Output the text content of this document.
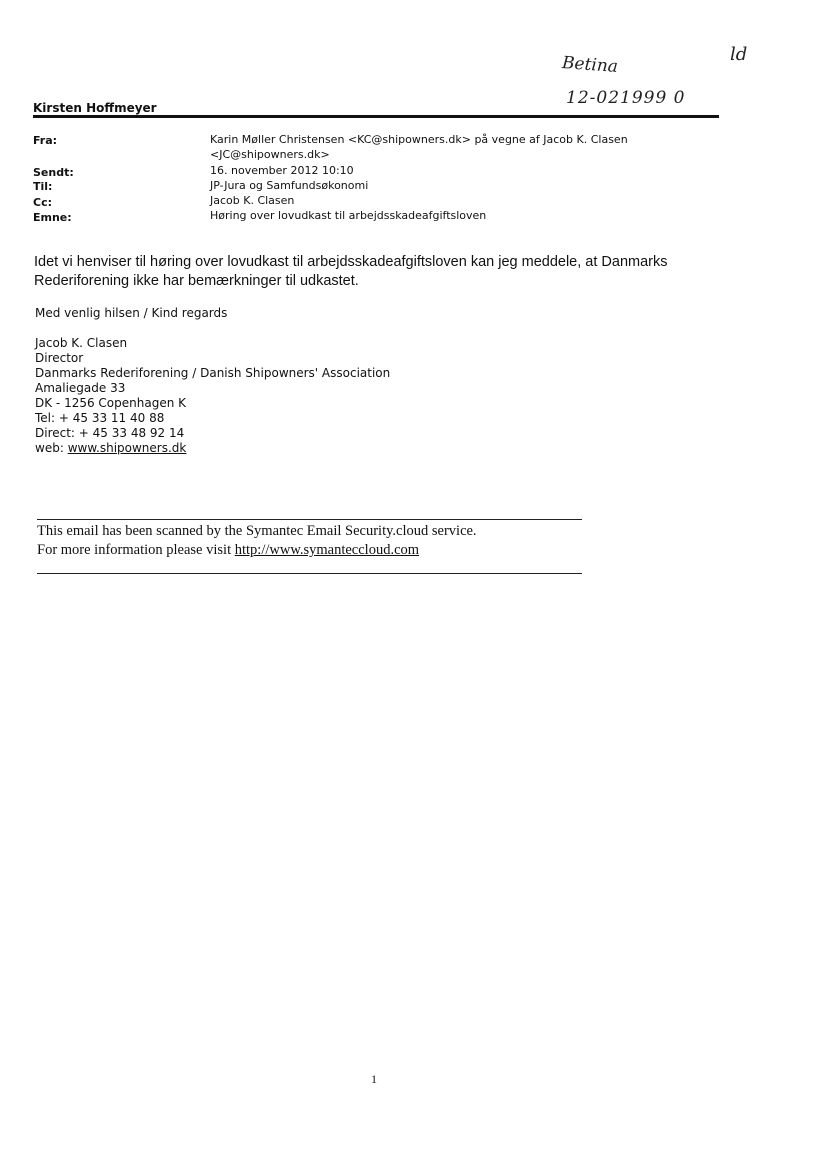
Betina
12-021999 0
ld
Kirsten Hoffmeyer
Fra:	Karin Møller Christensen <KC@shipowners.dk> på vegne af Jacob K. Clasen
<JC@shipowners.dk>
Sendt:	16. november 2012 10:10
Til:	JP-Jura og Samfundsøkonomi
Cc:	Jacob K. Clasen
Emne:	Høring over lovudkast til arbejdsskadeafgiftsloven
Idet vi henviser til høring over lovudkast til arbejdsskadeafgiftsloven kan jeg meddele, at Danmarks
Rederiforening ikke har bemærkninger til udkastet.
Med venlig hilsen / Kind regards
Jacob K. Clasen
Director
Danmarks Rederiforening / Danish Shipowners' Association
Amaliegade 33
DK - 1256 Copenhagen K
Tel: + 45 33 11 40 88
Direct: + 45 33 48 92 14
web: www.shipowners.dk
This email has been scanned by the Symantec Email Security.cloud service.
For more information please visit http://www.symanteccloud.com
1
